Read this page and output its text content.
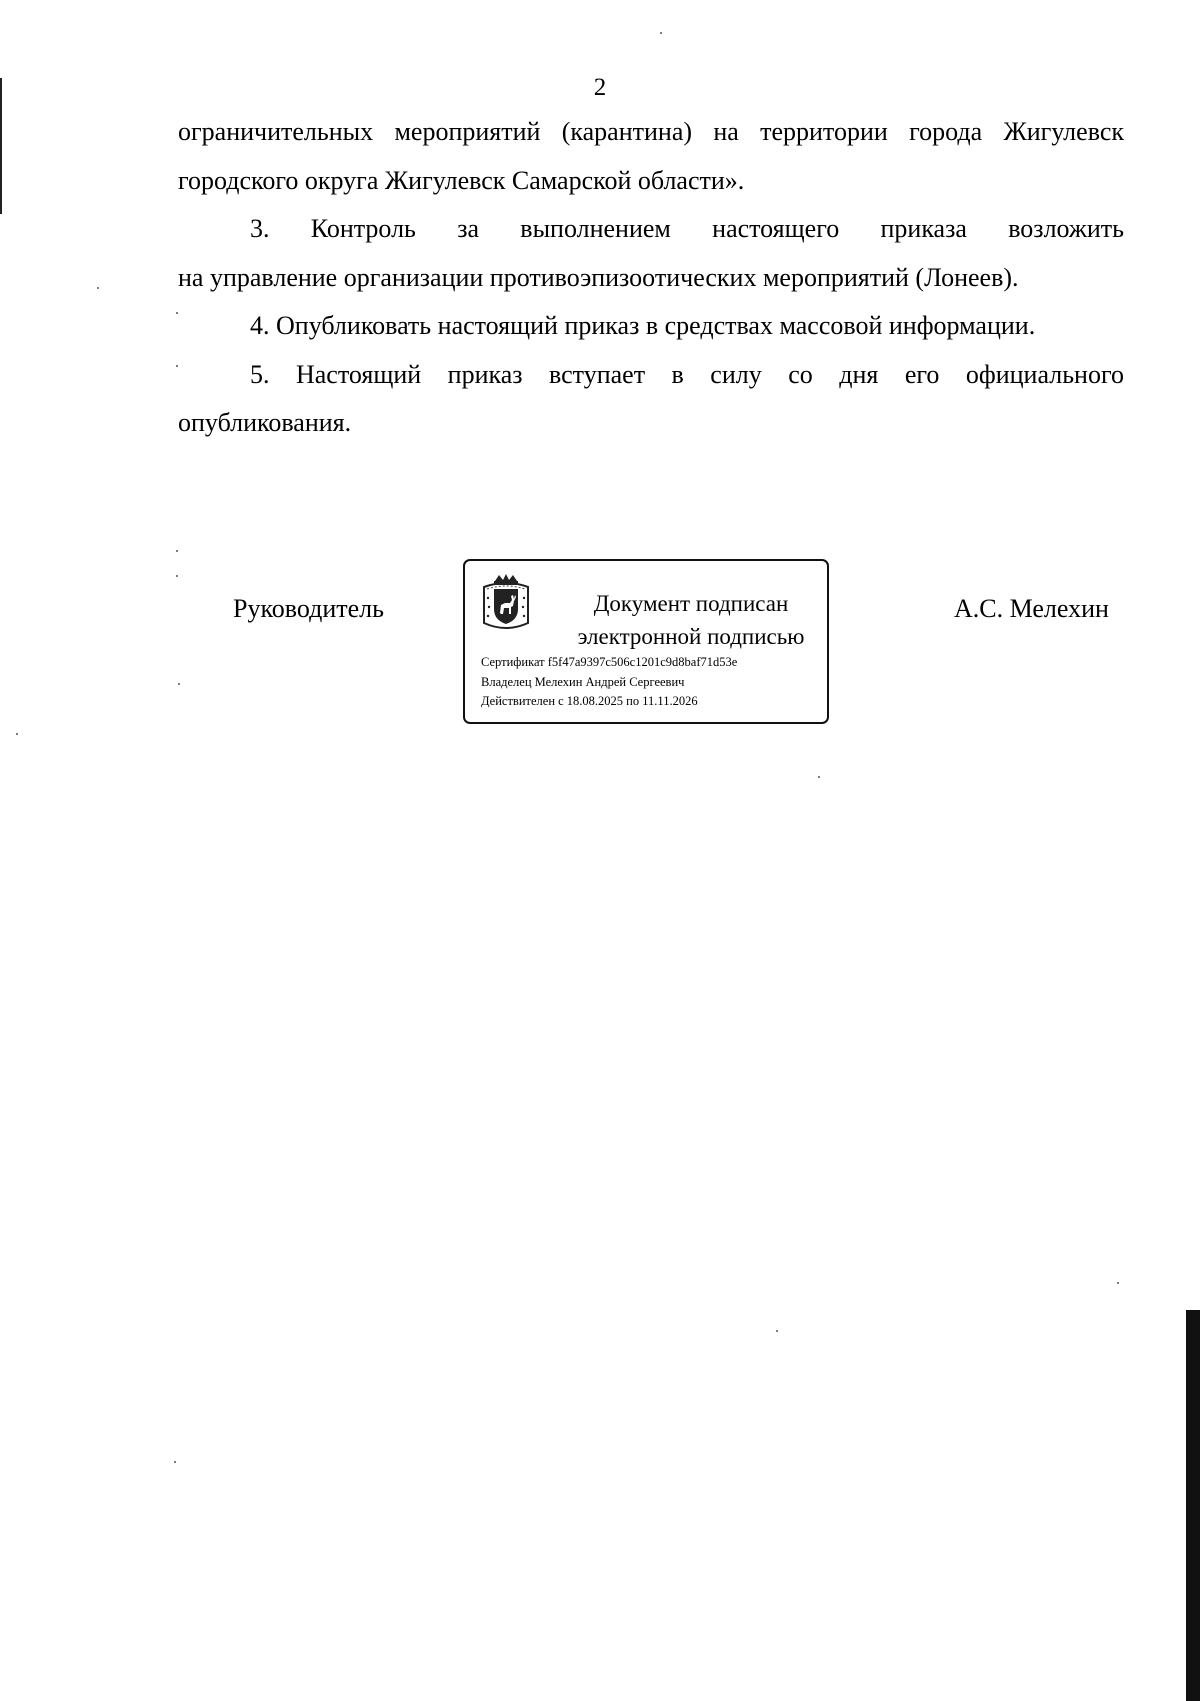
2

ограничительных мероприятий (карантина) на территории города Жигулевск
городского округа Жигулевск Самарской области».

3. Контроль за выполнением настоящего приказа возложить

на управление организации противоэпизоотических мероприятий (Лонеев).

4. Опубликовать настоящий приказ в средствах массовой информации.

5. Настоящий приказ вступает в силу со дня его официального

опубликования.

Руководитель	Документ подписан
электронной подписью
Сертификат f5f47a9397c506c1201c9d8baf71d53e
Владелец Мелехин Андрей Сергеевич
Действителен с 18.08.2025 по 11.11.2026
А.С. Мелехин
